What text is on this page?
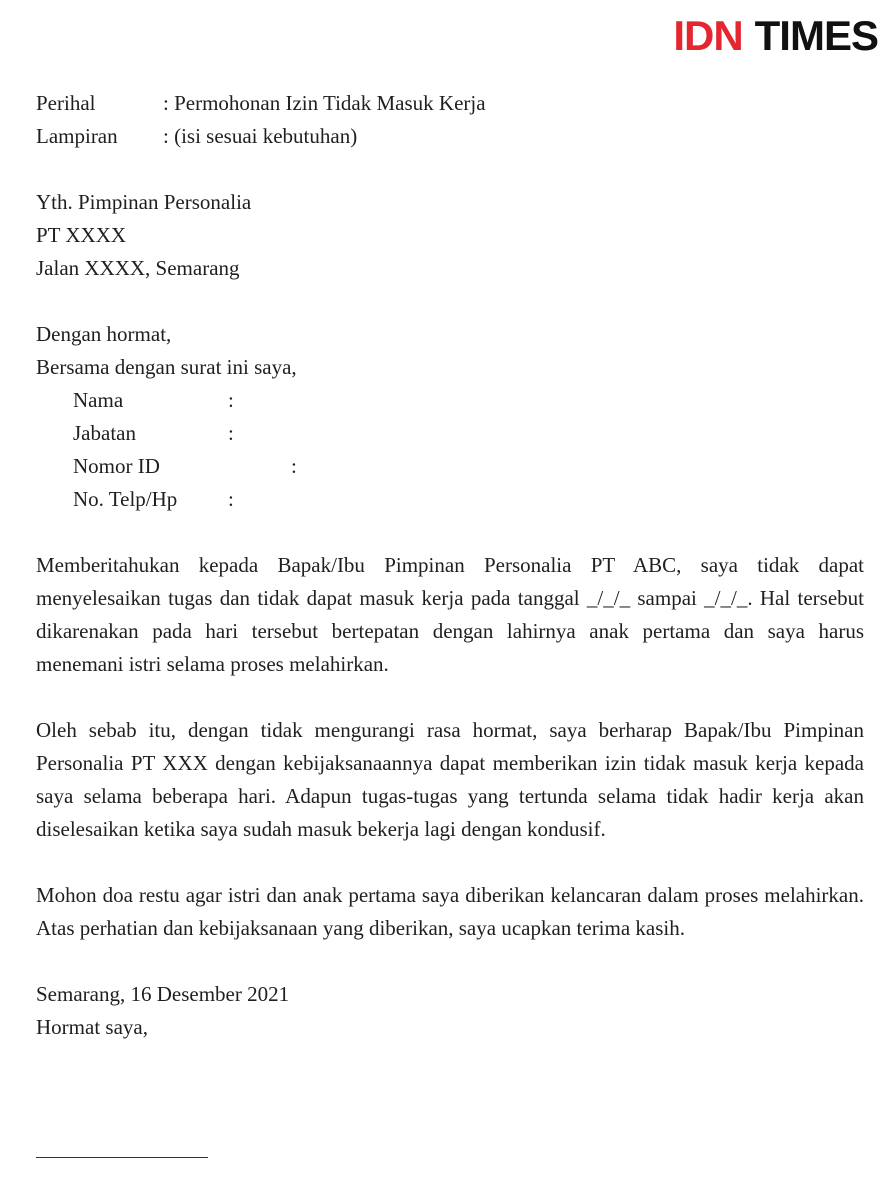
IDN TIMES
Perihal	: Permohonan Izin Tidak Masuk Kerja
Lampiran	: (isi sesuai kebutuhan)

Yth. Pimpinan Personalia

PT XXXX

Jalan XXXX, Semarang

Dengan hormat,

Bersama dengan surat ini saya,

Nama	:
Jabatan	:
Nomor ID	:
No. Telp/Hp	:

Memberitahukan kepada Bapak/Ibu Pimpinan Personalia PT ABC, saya tidak dapat menyelesaikan tugas dan tidak dapat masuk kerja pada tanggal _/_/_ sampai _/_/_. Hal tersebut dikarenakan pada hari tersebut bertepatan dengan lahirnya anak pertama dan saya harus menemani istri selama proses melahirkan.

Oleh sebab itu, dengan tidak mengurangi rasa hormat, saya berharap Bapak/Ibu Pimpinan Personalia PT XXX dengan kebijaksanaannya dapat memberikan izin tidak masuk kerja kepada saya selama beberapa hari. Adapun tugas-tugas yang tertunda selama tidak hadir kerja akan diselesaikan ketika saya sudah masuk bekerja lagi dengan kondusif.

Mohon doa restu agar istri dan anak pertama saya diberikan kelancaran dalam proses melahirkan. Atas perhatian dan kebijaksanaan yang diberikan, saya ucapkan terima kasih.

Semarang, 16 Desember 2021

Hormat saya,
